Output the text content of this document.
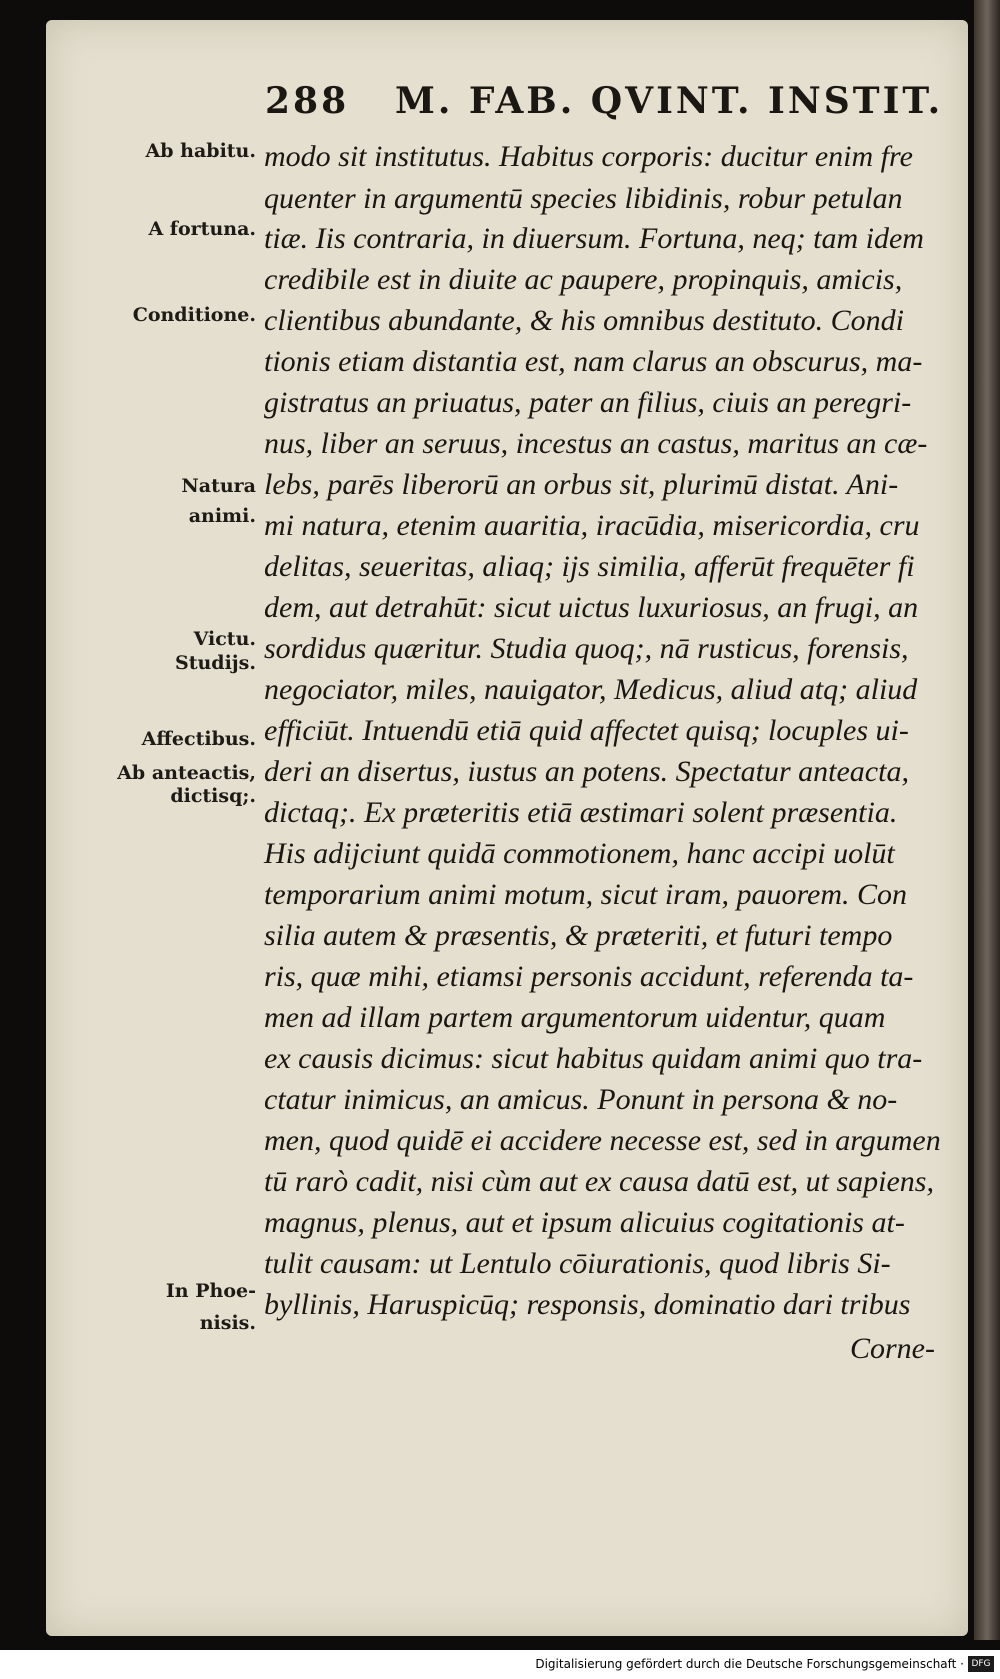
288 M. FAB. QVINT. INSTIT.
Ab habitu.
A fortuna.
Conditione.
Natura
animi.
Victu.
Studijs.
Affectibus.
Ab anteactis,
dictisq;.
In Phoe-
nisis.
modo sit institutus. Habitus corporis: ducitur enim fre
quenter in argumentū species libidinis, robur petulan
tiæ. Iis contraria, in diuersum. Fortuna, neq; tam idem
credibile est in diuite ac paupere, propinquis, amicis,
clientibus abundante, & his omnibus destituto. Condi
tionis etiam distantia est, nam clarus an obscurus, ma-
gistratus an priuatus, pater an filius, ciuis an peregri-
nus, liber an seruus, incestus an castus, maritus an cæ-
lebs, parēs liberorū an orbus sit, plurimū distat. Ani-
mi natura, etenim auaritia, iracūdia, misericordia, cru
delitas, seueritas, aliaq; ijs similia, afferūt frequēter fi
dem, aut detrahūt: sicut uictus luxuriosus, an frugi, an
sordidus quæritur. Studia quoq;, nā rusticus, forensis,
negociator, miles, nauigator, Medicus, aliud atq; aliud
efficiūt. Intuendū etiā quid affectet quisq; locuples ui-
deri an disertus, iustus an potens. Spectatur anteacta,
dictaq;. Ex præteritis etiā æstimari solent præsentia.
His adijciunt quidā commotionem, hanc accipi uolūt
temporarium animi motum, sicut iram, pauorem. Con
silia autem & præsentis, & præteriti, et futuri tempo
ris, quæ mihi, etiamsi personis accidunt, referenda ta-
men ad illam partem argumentorum uidentur, quam
ex causis dicimus: sicut habitus quidam animi quo tra-
ctatur inimicus, an amicus. Ponunt in persona & no-
men, quod quidē ei accidere necesse est, sed in argumen
tū rarò cadit, nisi cùm aut ex causa datū est, ut sapiens,
magnus, plenus, aut et ipsum alicuius cogitationis at-
tulit causam: ut Lentulo cōiurationis, quod libris Si-
byllinis, Haruspicūq; responsis, dominatio dari tribus
Corne-
Digitalisierung gefördert durch die Deutsche Forschungsgemeinschaft · DFG
